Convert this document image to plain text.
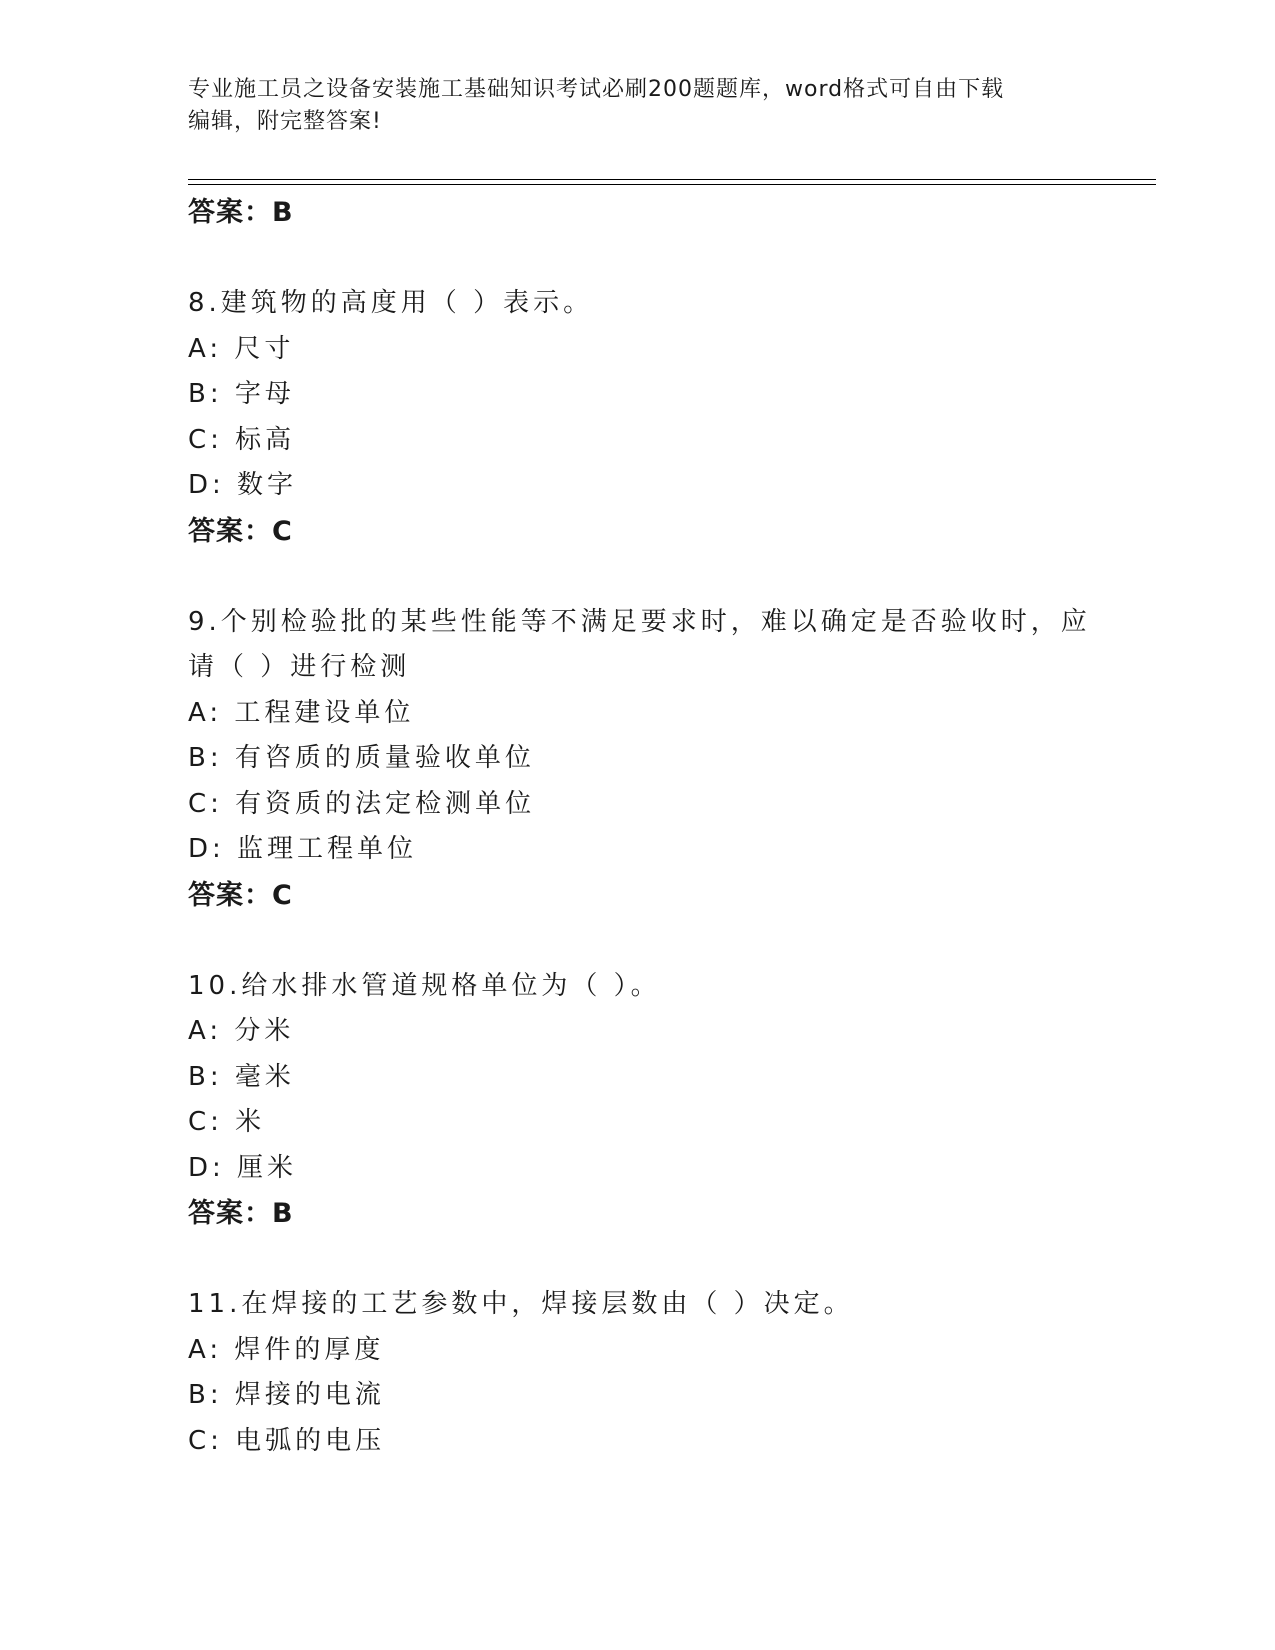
专业施工员之设备安装施工基础知识考试必刷200题题库，word格式可自由下载
编辑，附完整答案!
答案：B
8.建筑物的高度用（ ）表示。
A: 尺寸
B: 字母
C: 标高
D: 数字
答案：C
9.个别检验批的某些性能等不满足要求时，难以确定是否验收时，应
请（ ）进行检测
A: 工程建设单位
B: 有咨质的质量验收单位
C: 有资质的法定检测单位
D: 监理工程单位
答案：C
10.给水排水管道规格单位为（ ）。
A: 分米
B: 毫米
C: 米
D: 厘米
答案：B
11.在焊接的工艺参数中，焊接层数由（ ）决定。
A: 焊件的厚度
B: 焊接的电流
C: 电弧的电压
